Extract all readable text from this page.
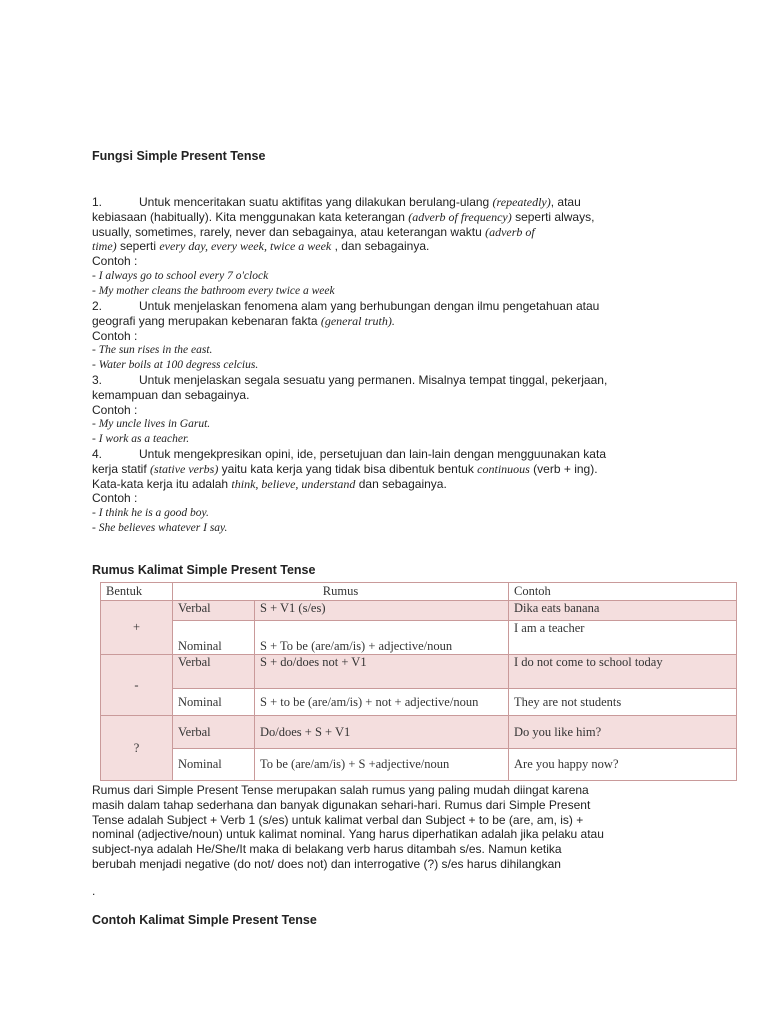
Fungsi Simple Present Tense
1.	Untuk menceritakan suatu aktifitas yang dilakukan berulang-ulang (repeatedly), atau
kebiasaan (habitually). Kita menggunakan kata keterangan (adverb of frequency) seperti always,
usually, sometimes, rarely, never dan sebagainya, atau keterangan waktu (adverb of
time) seperti every day, every week, twice a week , dan sebagainya.
Contoh :
- I always go to school every 7 o'clock
- My mother cleans the bathroom every twice a week
2.	Untuk menjelaskan fenomena alam yang berhubungan dengan ilmu pengetahuan atau
geografi yang merupakan kebenaran fakta (general truth).
Contoh :
- The sun rises in the east.
- Water boils at 100 degress celcius.
3.	Untuk menjelaskan segala sesuatu yang permanen. Misalnya tempat tinggal, pekerjaan,
kemampuan dan sebagainya.
Contoh :
- My uncle lives in Garut.
- I work as a teacher.
4.	Untuk mengekpresikan opini, ide, persetujuan dan lain-lain dengan mengguunakan kata
kerja statif (stative verbs) yaitu kata kerja yang tidak bisa dibentuk bentuk continuous (verb + ing).
Kata-kata kerja itu adalah think, believe, understand dan sebagainya.
Contoh :
- I think he is a good boy.
- She believes whatever I say.
Rumus Kalimat Simple Present Tense
Bentuk	Rumus		Contoh
+	Verbal	S + V1 (s/es)	Dika eats banana
	Nominal	S + To be (are/am/is) + adjective/noun	I am a teacher
-	Verbal	S + do/does not + V1	I do not come to school today
	Nominal	S + to be (are/am/is) + not + adjective/noun	They are not students
?	Verbal	Do/does + S + V1	Do you like him?
	Nominal	To be (are/am/is) + S +adjective/noun	Are you happy now?
Rumus dari Simple Present Tense merupakan salah rumus yang paling mudah diingat karena
masih dalam tahap sederhana dan banyak digunakan sehari-hari. Rumus dari Simple Present
Tense adalah Subject + Verb 1 (s/es) untuk kalimat verbal dan Subject + to be (are, am, is) +
nominal (adjective/noun) untuk kalimat nominal. Yang harus diperhatikan adalah jika pelaku atau
subject-nya adalah He/She/It maka di belakang verb harus ditambah s/es. Namun ketika
berubah menjadi negative (do not/ does not) dan interrogative (?) s/es harus dihilangkan
.
Contoh Kalimat Simple Present Tense
